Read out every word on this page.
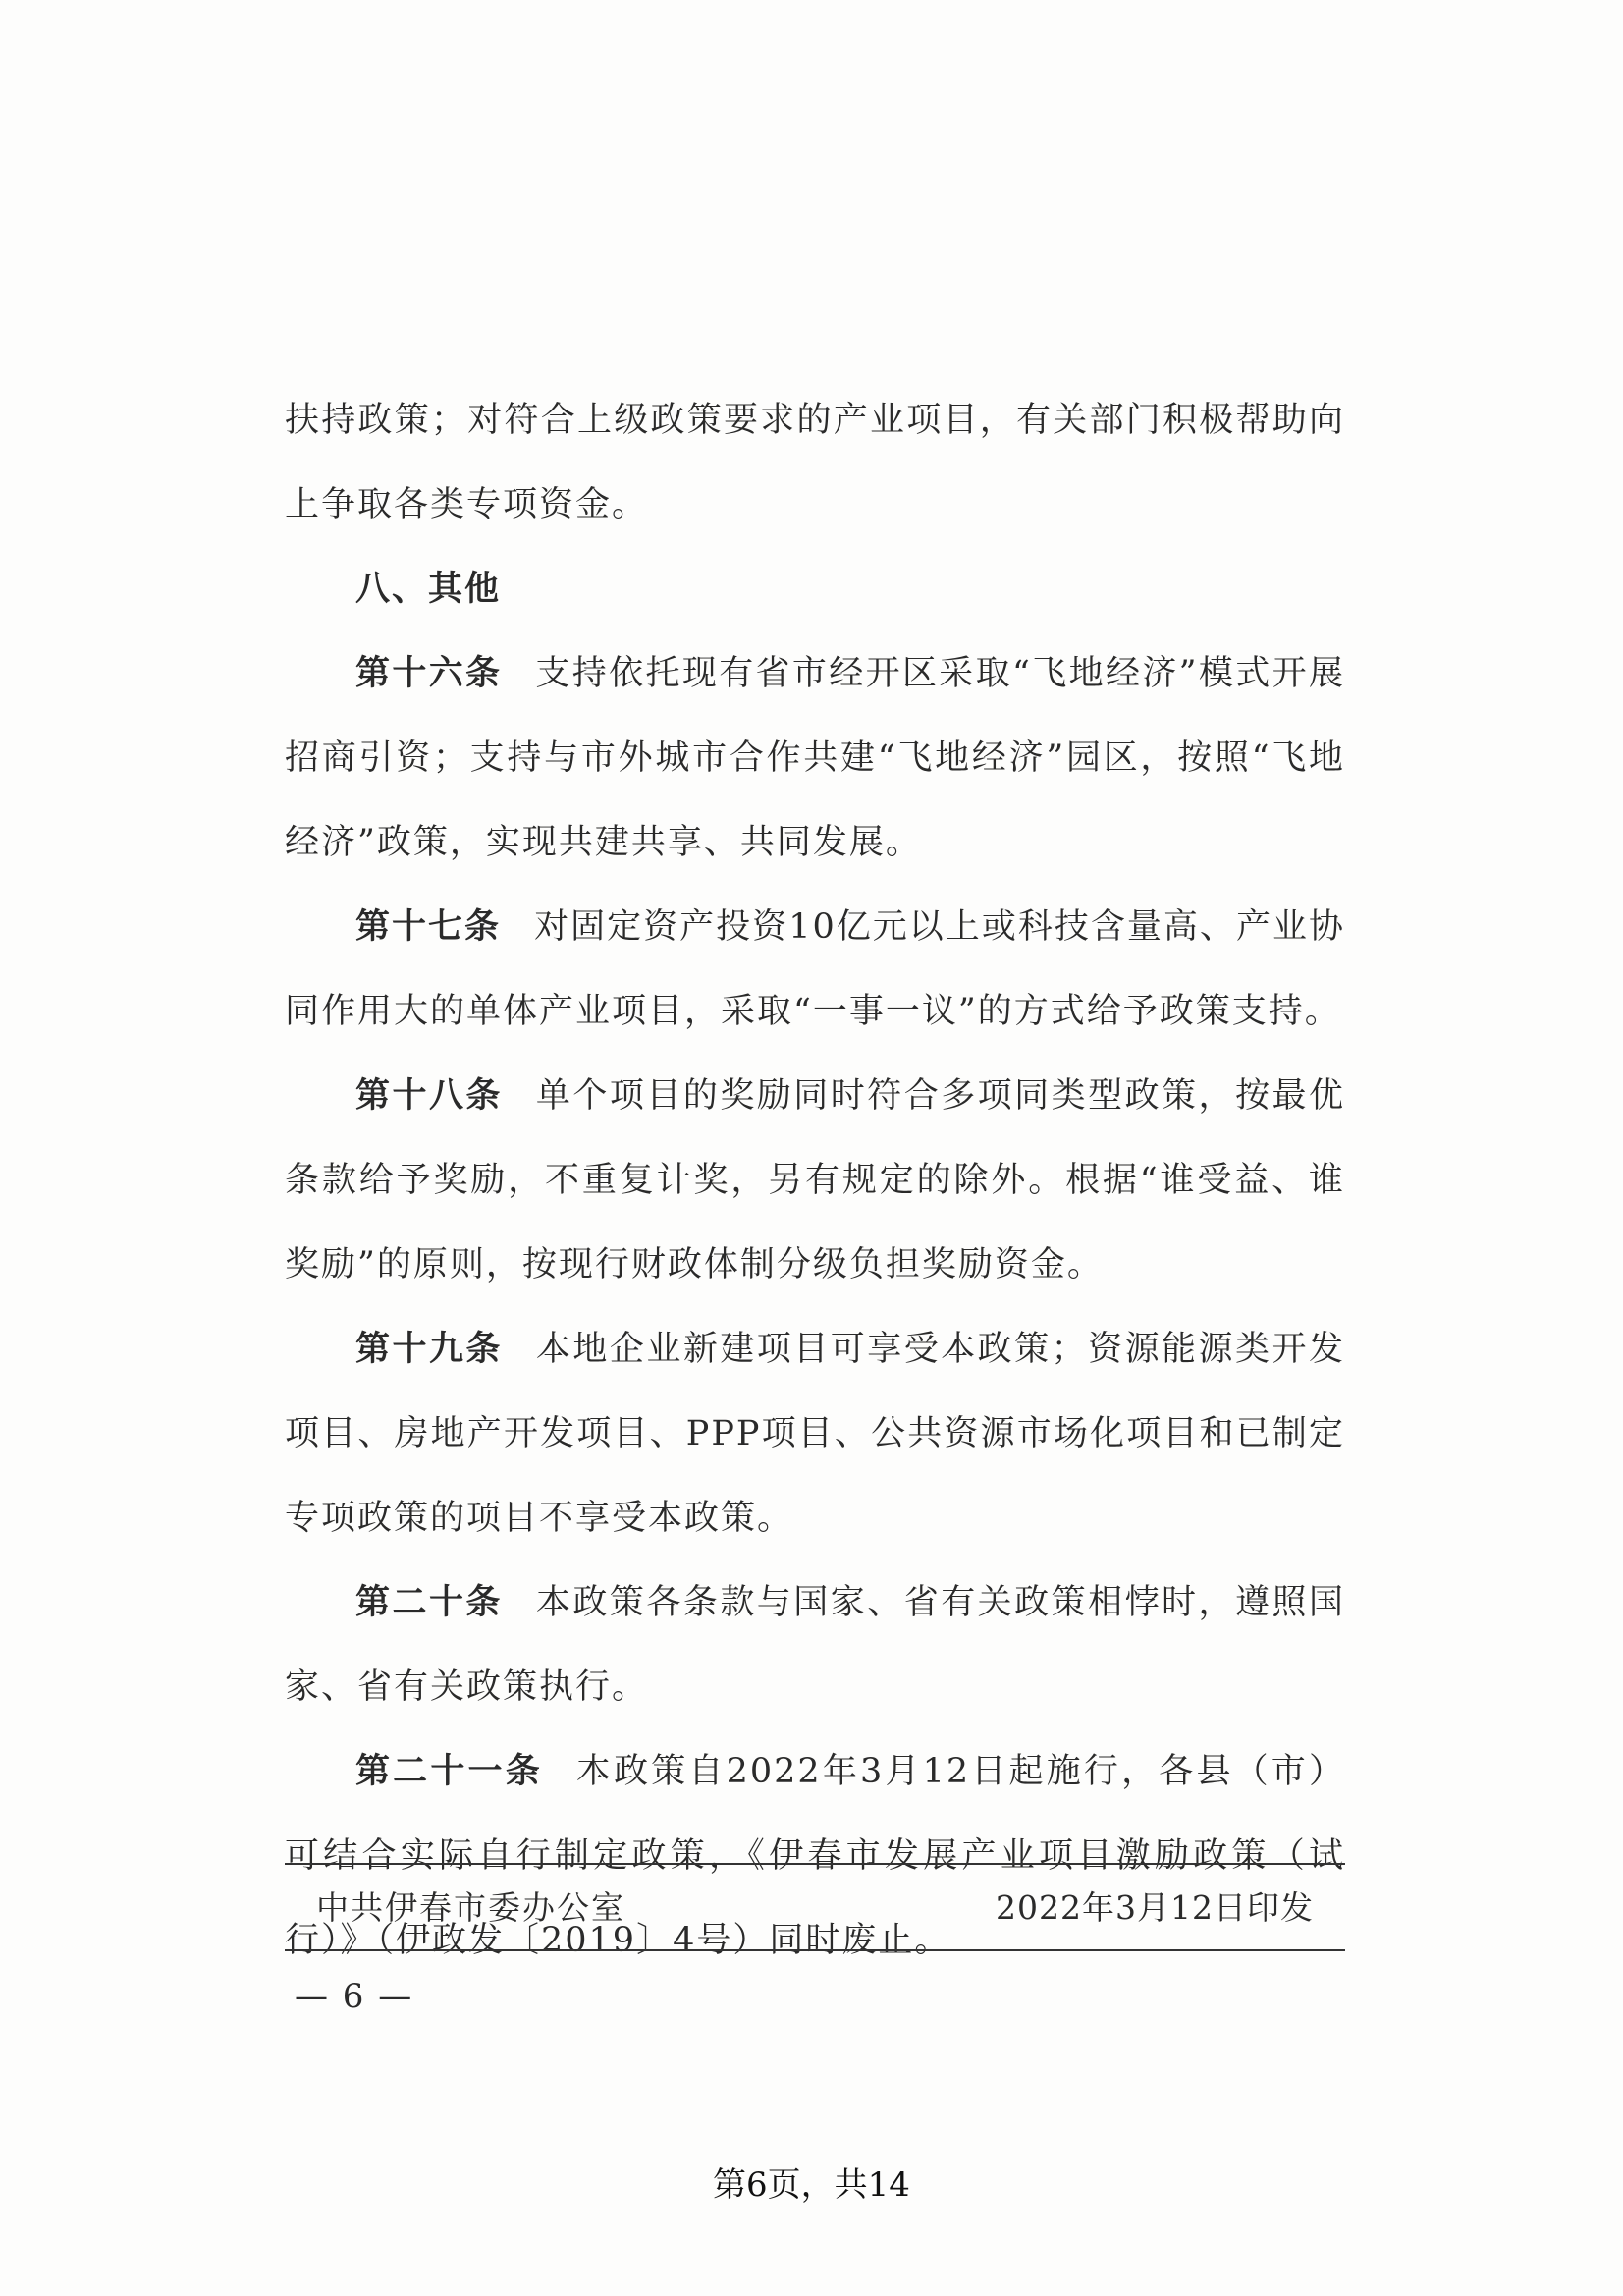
扶持政策；对符合上级政策要求的产业项目，有关部门积极帮助向上争取各类专项资金。

八、其他

第十六条 支持依托现有省市经开区采取“飞地经济”模式开展招商引资；支持与市外城市合作共建“飞地经济”园区，按照“飞地经济”政策，实现共建共享、共同发展。

第十七条 对固定资产投资10亿元以上或科技含量高、产业协同作用大的单体产业项目，采取“一事一议”的方式给予政策支持。

第十八条 单个项目的奖励同时符合多项同类型政策，按最优条款给予奖励，不重复计奖，另有规定的除外。根据“谁受益、谁奖励”的原则，按现行财政体制分级负担奖励资金。

第十九条 本地企业新建项目可享受本政策；资源能源类开发项目、房地产开发项目、PPP项目、公共资源市场化项目和已制定专项政策的项目不享受本政策。

第二十条 本政策各条款与国家、省有关政策相悖时，遵照国家、省有关政策执行。

第二十一条 本政策自2022年3月12日起施行，各县（市）可结合实际自行制定政策，《伊春市发展产业项目激励政策（试行）》（伊政发〔2019〕4号）同时废止。

中共伊春市委办公室	2022年3月12日印发
— 6 —
第6页，共14
